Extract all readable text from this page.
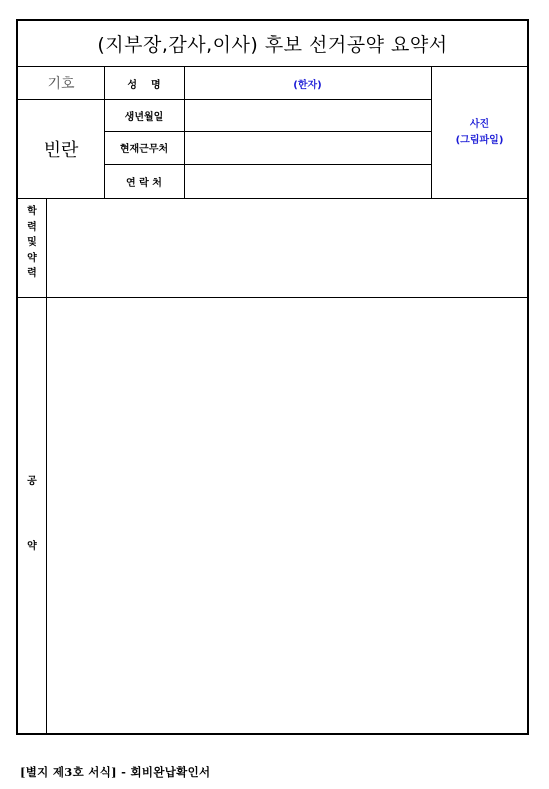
(지부장,감사,이사) 후보 선거공약 요약서
기호	성    명	(한자)
빈란
생년월일
현재근무처
연 락 처
사진
(그림파일)
학
력
및
약
력
공
약
[별지 제3호 서식] - 회비완납확인서
